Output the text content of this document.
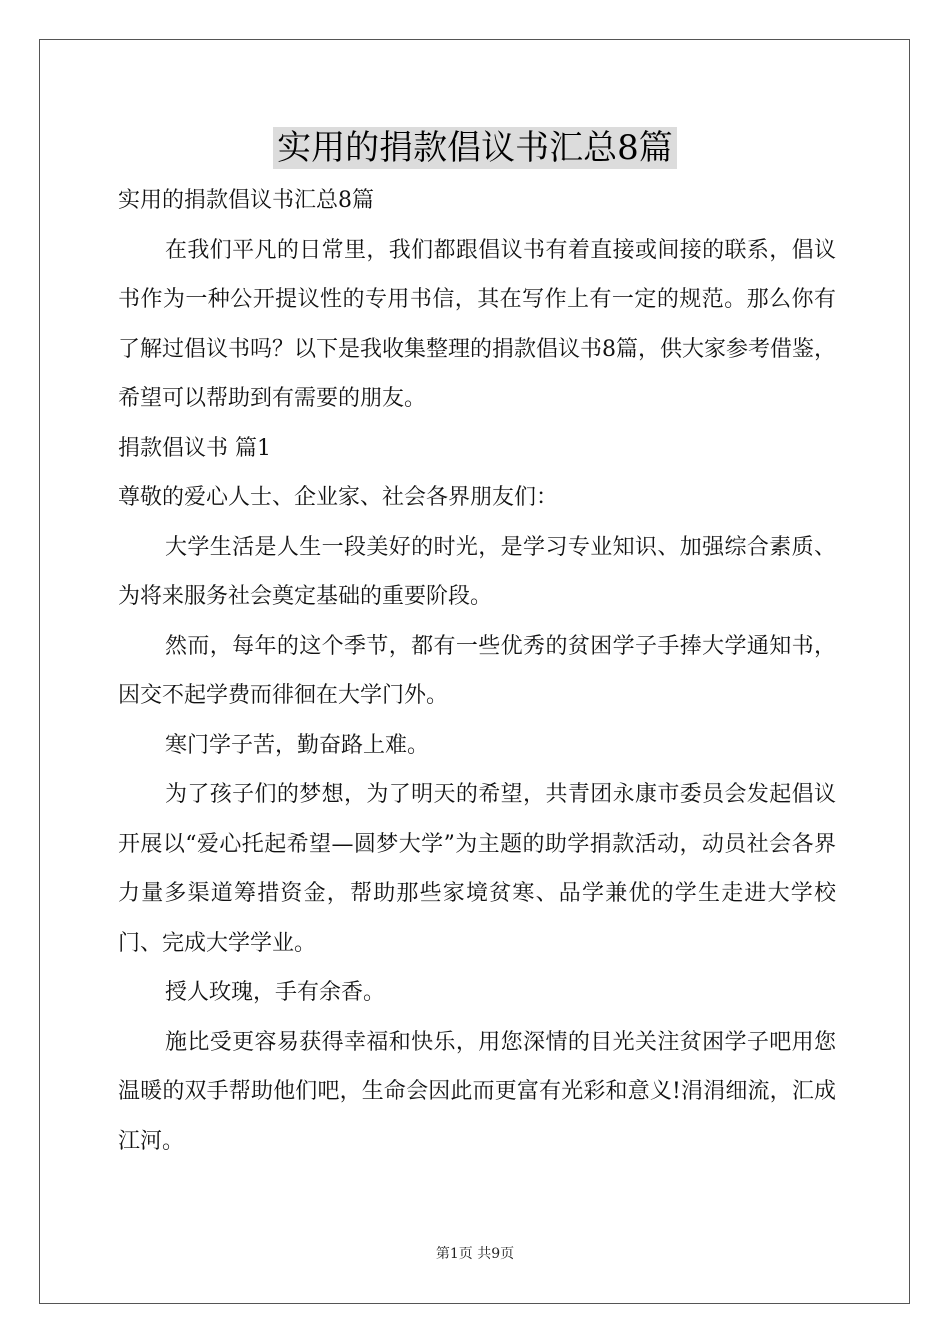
实用的捐款倡议书汇总8篇

实用的捐款倡议书汇总8篇

在我们平凡的日常里，我们都跟倡议书有着直接或间接的联系，倡议书作为一种公开提议性的专用书信，其在写作上有一定的规范。那么你有了解过倡议书吗？以下是我收集整理的捐款倡议书8篇，供大家参考借鉴，希望可以帮助到有需要的朋友。

捐款倡议书 篇1

尊敬的爱心人士、企业家、社会各界朋友们：

大学生活是人生一段美好的时光，是学习专业知识、加强综合素质、为将来服务社会奠定基础的重要阶段。

然而，每年的这个季节，都有一些优秀的贫困学子手捧大学通知书，因交不起学费而徘徊在大学门外。

寒门学子苦，勤奋路上难。

为了孩子们的梦想，为了明天的希望，共青团永康市委员会发起倡议开展以“爱心托起希望—圆梦大学”为主题的助学捐款活动，动员社会各界力量多渠道筹措资金，帮助那些家境贫寒、品学兼优的学生走进大学校门、完成大学学业。

授人玫瑰，手有余香。

施比受更容易获得幸福和快乐，用您深情的目光关注贫困学子吧用您温暖的双手帮助他们吧，生命会因此而更富有光彩和意义!涓涓细流，汇成江河。

第1页 共9页
